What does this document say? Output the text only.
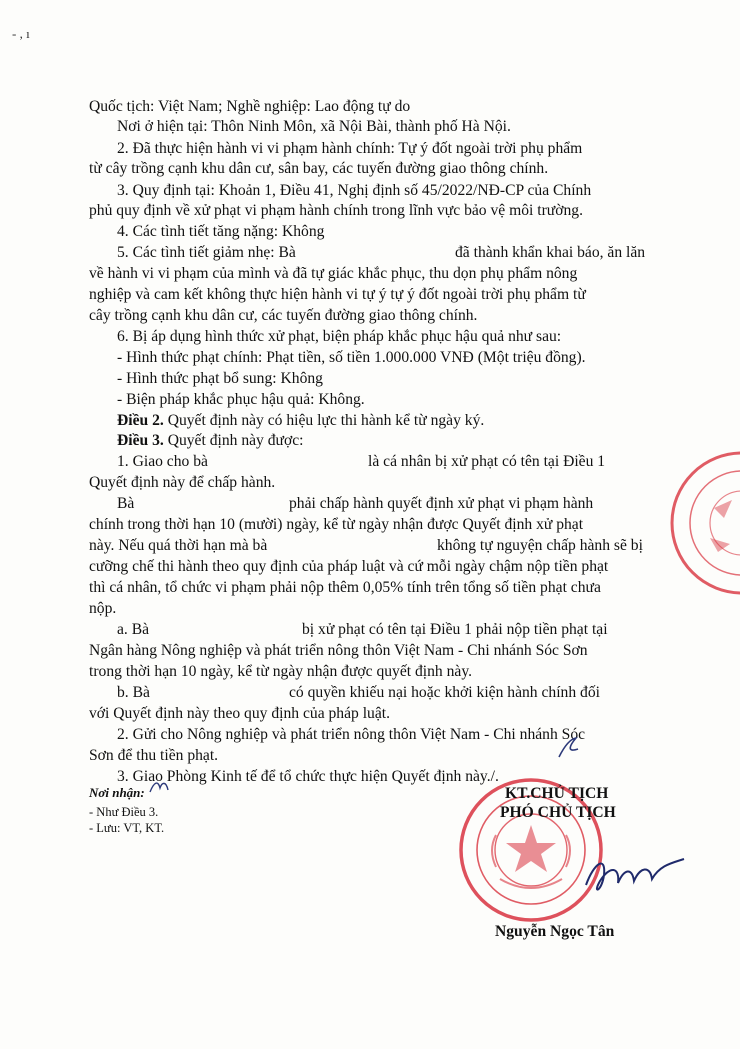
- , ı
Quốc tịch: Việt Nam; Nghề nghiệp: Lao động tự do
Nơi ở hiện tại: Thôn Ninh Môn, xã Nội Bài, thành phố Hà Nội.
2. Đã thực hiện hành vi vi phạm hành chính: Tự ý đốt ngoài trời phụ phẩm
từ cây trồng cạnh khu dân cư, sân bay, các tuyến đường giao thông chính.
3. Quy định tại: Khoản 1, Điều 41, Nghị định số 45/2022/NĐ-CP của Chính
phủ quy định về xử phạt vi phạm hành chính trong lĩnh vực bảo vệ môi trường.
4. Các tình tiết tăng nặng: Không
5. Các tình tiết giảm nhẹ: Bà	đã thành khẩn khai báo, ăn lăn
về hành vi vi phạm của mình và đã tự giác khắc phục, thu dọn phụ phẩm nông
nghiệp và cam kết không thực hiện hành vi tự ý tự ý đốt ngoài trời phụ phẩm từ
cây trồng cạnh khu dân cư, các tuyến đường giao thông chính.
6. Bị áp dụng hình thức xử phạt, biện pháp khắc phục hậu quả như sau:
- Hình thức phạt chính: Phạt tiền, số tiền 1.000.000 VNĐ (Một triệu đồng).
- Hình thức phạt bổ sung: Không
- Biện pháp khắc phục hậu quả: Không.
Điều 2. Quyết định này có hiệu lực thi hành kể từ ngày ký.
Điều 3. Quyết định này được:
1. Giao cho bà	là cá nhân bị xử phạt có tên tại Điều 1
Quyết định này để chấp hành.
Bà	phải chấp hành quyết định xử phạt vi phạm hành
chính trong thời hạn 10 (mười) ngày, kể từ ngày nhận được Quyết định xử phạt
này. Nếu quá thời hạn mà bà	không tự nguyện chấp hành sẽ bị
cưỡng chế thi hành theo quy định của pháp luật và cứ mỗi ngày chậm nộp tiền phạt
thì cá nhân, tổ chức vi phạm phải nộp thêm 0,05% tính trên tổng số tiền phạt chưa
nộp.
a. Bà	bị xử phạt có tên tại Điều 1 phải nộp tiền phạt tại
Ngân hàng Nông nghiệp và phát triển nông thôn Việt Nam - Chi nhánh Sóc Sơn
trong thời hạn 10 ngày, kể từ ngày nhận được quyết định này.
b. Bà	có quyền khiếu nại hoặc khởi kiện hành chính đối
với Quyết định này theo quy định của pháp luật.
2. Gửi cho Nông nghiệp và phát triển nông thôn Việt Nam - Chi nhánh Sóc
Sơn để thu tiền phạt.
3. Giao Phòng Kinh tế để tổ chức thực hiện Quyết định này./.
Nơi nhận:
- Như Điều 3.
- Lưu: VT, KT.
KT.CHỦ TỊCH
PHÓ CHỦ TỊCH
Nguyễn Ngọc Tân
